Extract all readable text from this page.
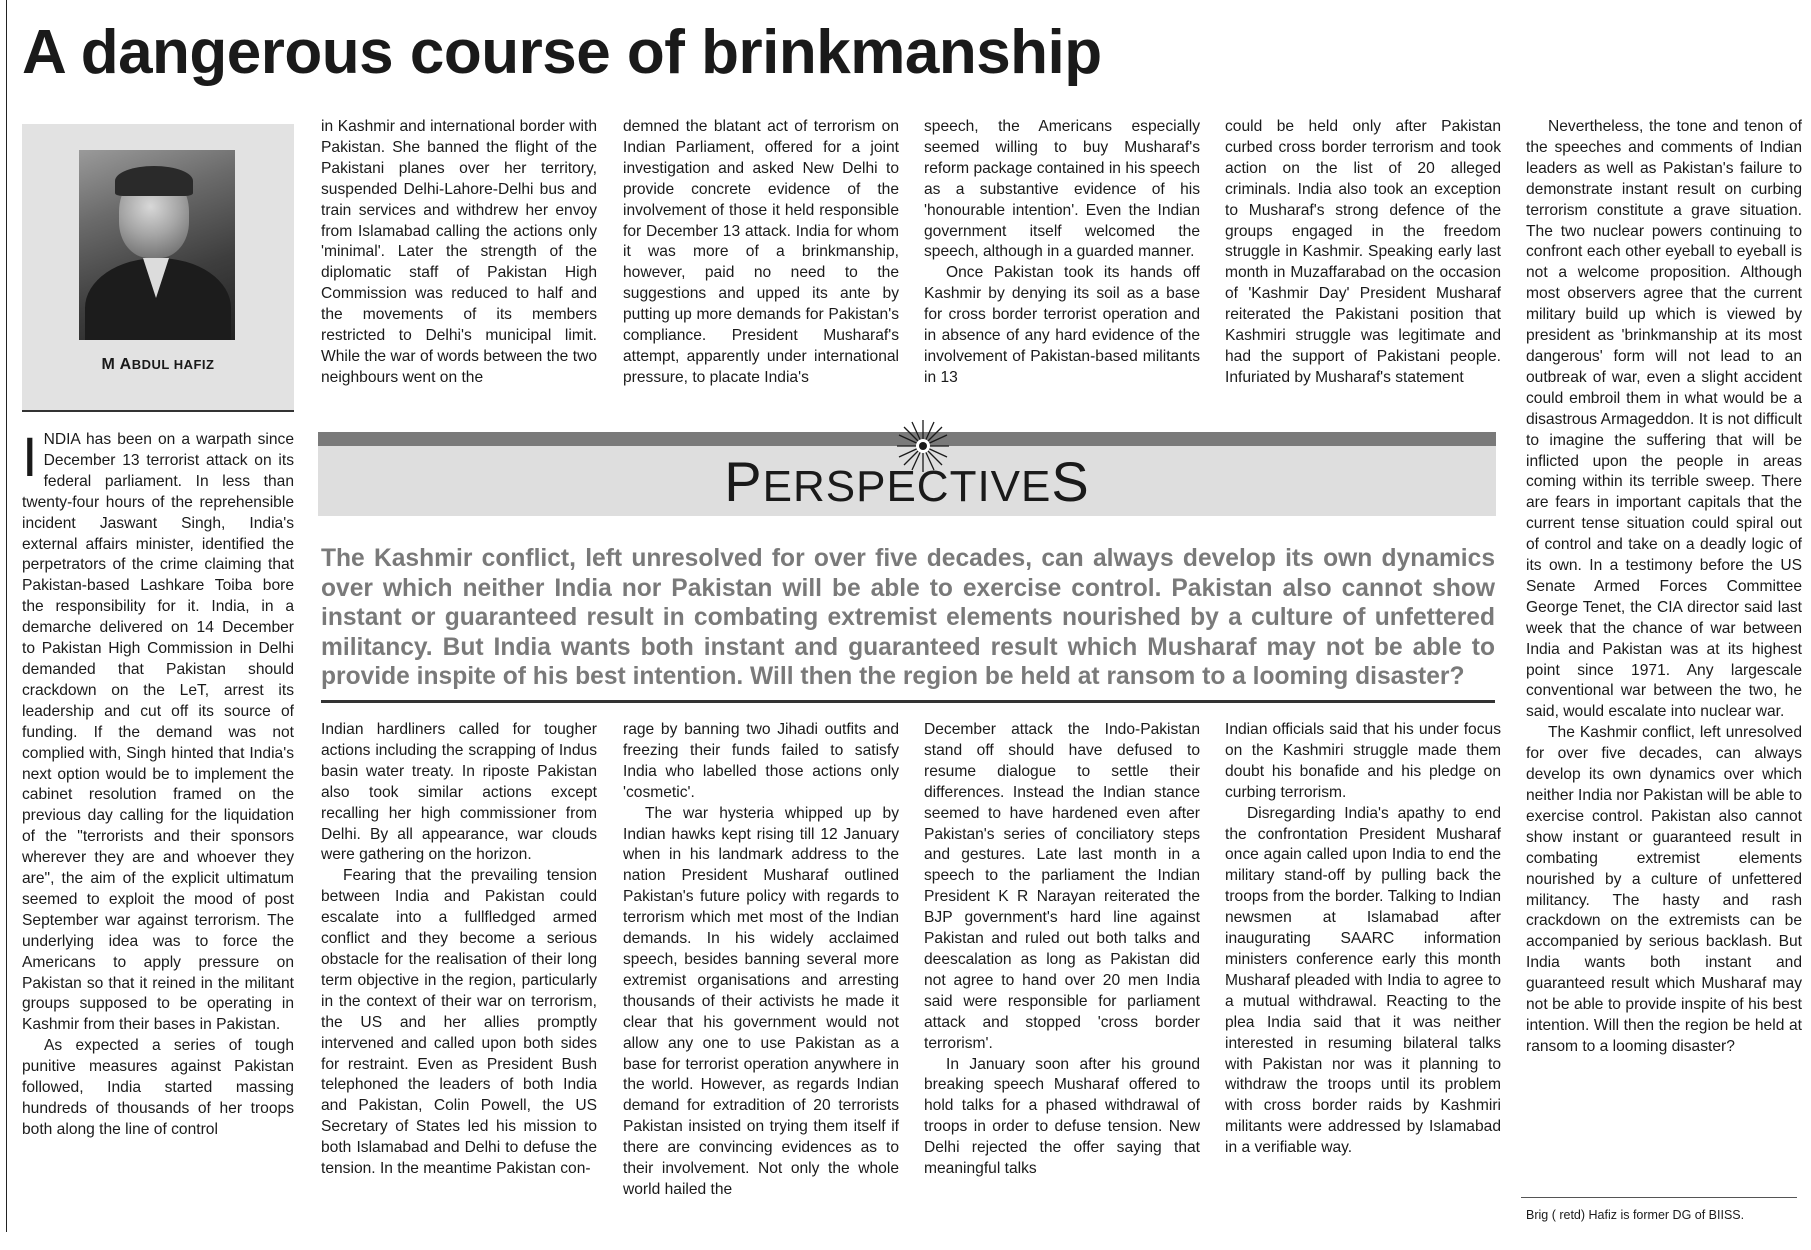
A dangerous course of brinkmanship
M ABDUL HAFIZ

INDIA has been on a warpath since December 13 terrorist attack on its federal parliament. In less than twenty-four hours of the reprehensible incident Jaswant Singh, India's external affairs minister, identified the perpetrators of the crime claiming that Pakistan-based Lashkare Toiba bore the responsibility for it. India, in a demarche delivered on 14 December to Pakistan High Commission in Delhi demanded that Pakistan should crackdown on the LeT, arrest its leadership and cut off its source of funding. If the demand was not complied with, Singh hinted that India's next option would be to implement the cabinet resolution framed on the previous day calling for the liquidation of the "terrorists and their sponsors wherever they are and whoever they are", the aim of the explicit ultimatum seemed to exploit the mood of post September war against terrorism. The underlying idea was to force the Americans to apply pressure on Pakistan so that it reined in the militant groups supposed to be operating in Kashmir from their bases in Pakistan.

As expected a series of tough punitive measures against Pakistan followed, India started massing hundreds of thousands of her troops both along the line of control

in Kashmir and international border with Pakistan. She banned the flight of the Pakistani planes over her territory, suspended Delhi-Lahore-Delhi bus and train services and withdrew her envoy from Islamabad calling the actions only 'minimal'. Later the strength of the diplomatic staff of Pakistan High Commission was reduced to half and the movements of its members restricted to Delhi's municipal limit. While the war of words between the two neighbours went on the

demned the blatant act of terrorism on Indian Parliament, offered for a joint investigation and asked New Delhi to provide concrete evidence of the involvement of those it held responsible for December 13 attack. India for whom it was more of a brinkmanship, however, paid no need to the suggestions and upped its ante by putting up more demands for Pakistan's compliance. President Musharaf's attempt, apparently under international pressure, to placate India's

speech, the Americans especially seemed willing to buy Musharaf's reform package contained in his speech as a substantive evidence of his 'honourable intention'. Even the Indian government itself welcomed the speech, although in a guarded manner.

Once Pakistan took its hands off Kashmir by denying its soil as a base for cross border terrorist operation and in absence of any hard evidence of the involvement of Pakistan-based militants in 13

could be held only after Pakistan curbed cross border terrorism and took action on the list of 20 alleged criminals. India also took an exception to Musharaf's strong defence of the groups engaged in the freedom struggle in Kashmir. Speaking early last month in Muzaffarabad on the occasion of 'Kashmir Day' President Musharaf reiterated the Pakistani position that Kashmiri struggle was legitimate and had the support of Pakistani people. Infuriated by Musharaf's statement

Nevertheless, the tone and tenon of the speeches and comments of Indian leaders as well as Pakistan's failure to demonstrate instant result on curbing terrorism constitute a grave situation. The two nuclear powers continuing to confront each other eyeball to eyeball is not a welcome proposition. Although most observers agree that the current military build up which is viewed by president as 'brinkmanship at its most dangerous' form will not lead to an outbreak of war, even a slight accident could embroil them in what would be a disastrous Armageddon. It is not difficult to imagine the suffering that will be inflicted upon the people in areas coming within its terrible sweep. There are fears in important capitals that the current tense situation could spiral out of control and take on a deadly logic of its own. In a testimony before the US Senate Armed Forces Committee George Tenet, the CIA director said last week that the chance of war between India and Pakistan was at its highest point since 1971. Any largescale conventional war between the two, he said, would escalate into nuclear war.

The Kashmir conflict, left unresolved for over five decades, can always develop its own dynamics over which neither India nor Pakistan will be able to exercise control. Pakistan also cannot show instant or guaranteed result in combating extremist elements nourished by a culture of unfettered militancy. The hasty and rash crackdown on the extremists can be accompanied by serious backlash. But India wants both instant and guaranteed result which Musharaf may not be able to provide inspite of his best intention. Will then the region be held at ransom to a looming disaster?

PERSPECTIVES
The Kashmir conflict, left unresolved for over five decades, can always develop its own dynamics over which neither India nor Pakistan will be able to exercise control. Pakistan also cannot show instant or guaranteed result in combating extremist elements nourished by a culture of unfettered militancy. But India wants both instant and guaranteed result which Musharaf may not be able to provide inspite of his best intention. Will then the region be held at ransom to a looming disaster?

Indian hardliners called for tougher actions including the scrapping of Indus basin water treaty. In riposte Pakistan also took similar actions except recalling her high commissioner from Delhi. By all appearance, war clouds were gathering on the horizon.

Fearing that the prevailing tension between India and Pakistan could escalate into a fullfledged armed conflict and they become a serious obstacle for the realisation of their long term objective in the region, particularly in the context of their war on terrorism, the US and her allies promptly intervened and called upon both sides for restraint. Even as President Bush telephoned the leaders of both India and Pakistan, Colin Powell, the US Secretary of States led his mission to both Islamabad and Delhi to defuse the tension. In the meantime Pakistan con-

rage by banning two Jihadi outfits and freezing their funds failed to satisfy India who labelled those actions only 'cosmetic'.

The war hysteria whipped up by Indian hawks kept rising till 12 January when in his landmark address to the nation President Musharaf outlined Pakistan's future policy with regards to terrorism which met most of the Indian demands. In his widely acclaimed speech, besides banning several more extremist organisations and arresting thousands of their activists he made it clear that his government would not allow any one to use Pakistan as a base for terrorist operation anywhere in the world. However, as regards Indian demand for extradition of 20 terrorists Pakistan insisted on trying them itself if there are convincing evidences as to their involvement. Not only the whole world hailed the

December attack the Indo-Pakistan stand off should have defused to resume dialogue to settle their differences. Instead the Indian stance seemed to have hardened even after Pakistan's series of conciliatory steps and gestures. Late last month in a speech to the parliament the Indian President K R Narayan reiterated the BJP government's hard line against Pakistan and ruled out both talks and deescalation as long as Pakistan did not agree to hand over 20 men India said were responsible for parliament attack and stopped 'cross border terrorism'.

In January soon after his ground breaking speech Musharaf offered to hold talks for a phased withdrawal of troops in order to defuse tension. New Delhi rejected the offer saying that meaningful talks

Indian officials said that his under focus on the Kashmiri struggle made them doubt his bonafide and his pledge on curbing terrorism.

Disregarding India's apathy to end the confrontation President Musharaf once again called upon India to end the military stand-off by pulling back the troops from the border. Talking to Indian newsmen at Islamabad after inaugurating SAARC information ministers conference early this month Musharaf pleaded with India to agree to a mutual withdrawal. Reacting to the plea India said that it was neither interested in resuming bilateral talks with Pakistan nor was it planning to withdraw the troops until its problem with cross border raids by Kashmiri militants were addressed by Islamabad in a verifiable way.

Brig ( retd) Hafiz is former DG of BIISS.
